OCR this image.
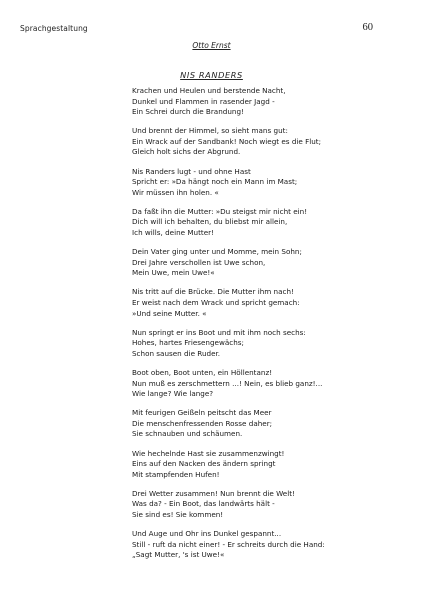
Sprachgestaltung	60
Otto Ernst
NIS RANDERS
Krachen und Heulen und berstende Nacht,
Dunkel und Flammen in rasender Jagd -
Ein Schrei durch die Brandung!
Und brennt der Himmel, so sieht mans gut:
Ein Wrack auf der Sandbank! Noch wiegt es die Flut;
Gleich holt sichs der Abgrund.
Nis Randers lugt - und ohne Hast
Spricht er: »Da hängt noch ein Mann im Mast;
Wir müssen ihn holen. «
Da faßt ihn die Mutter: »Du steigst mir nicht ein!
Dich will ich behalten, du bliebst mir allein,
Ich wills, deine Mutter!
Dein Vater ging unter und Momme, mein Sohn;
Drei Jahre verschollen ist Uwe schon,
Mein Uwe, mein Uwe!«
Nis tritt auf die Brücke. Die Mutter ihm nach!
Er weist nach dem Wrack und spricht gemach:
»Und seine Mutter. «
Nun springt er ins Boot und mit ihm noch sechs:
Hohes, hartes Friesengewächs;
Schon sausen die Ruder.
Boot oben, Boot unten, ein Höllentanz!
Nun muß es zerschmettern ...! Nein, es blieb ganz!...
Wie lange? Wie lange?
Mit feurigen Geißeln peitscht das Meer
Die menschenfressenden Rosse daher;
Sie schnauben und schäumen.
Wie hechelnde Hast sie zusammenzwingt!
Eins auf den Nacken des ändern springt
Mit stampfenden Hufen!
Drei Wetter zusammen! Nun brennt die Welt!
Was da? - Ein Boot, das landwärts hält -
Sie sind es! Sie kommen!
Und Auge und Ohr ins Dunkel gespannt...
Still - ruft da nicht einer! - Er schreits durch die Hand:
„Sagt Mutter, 's ist Uwe!«
